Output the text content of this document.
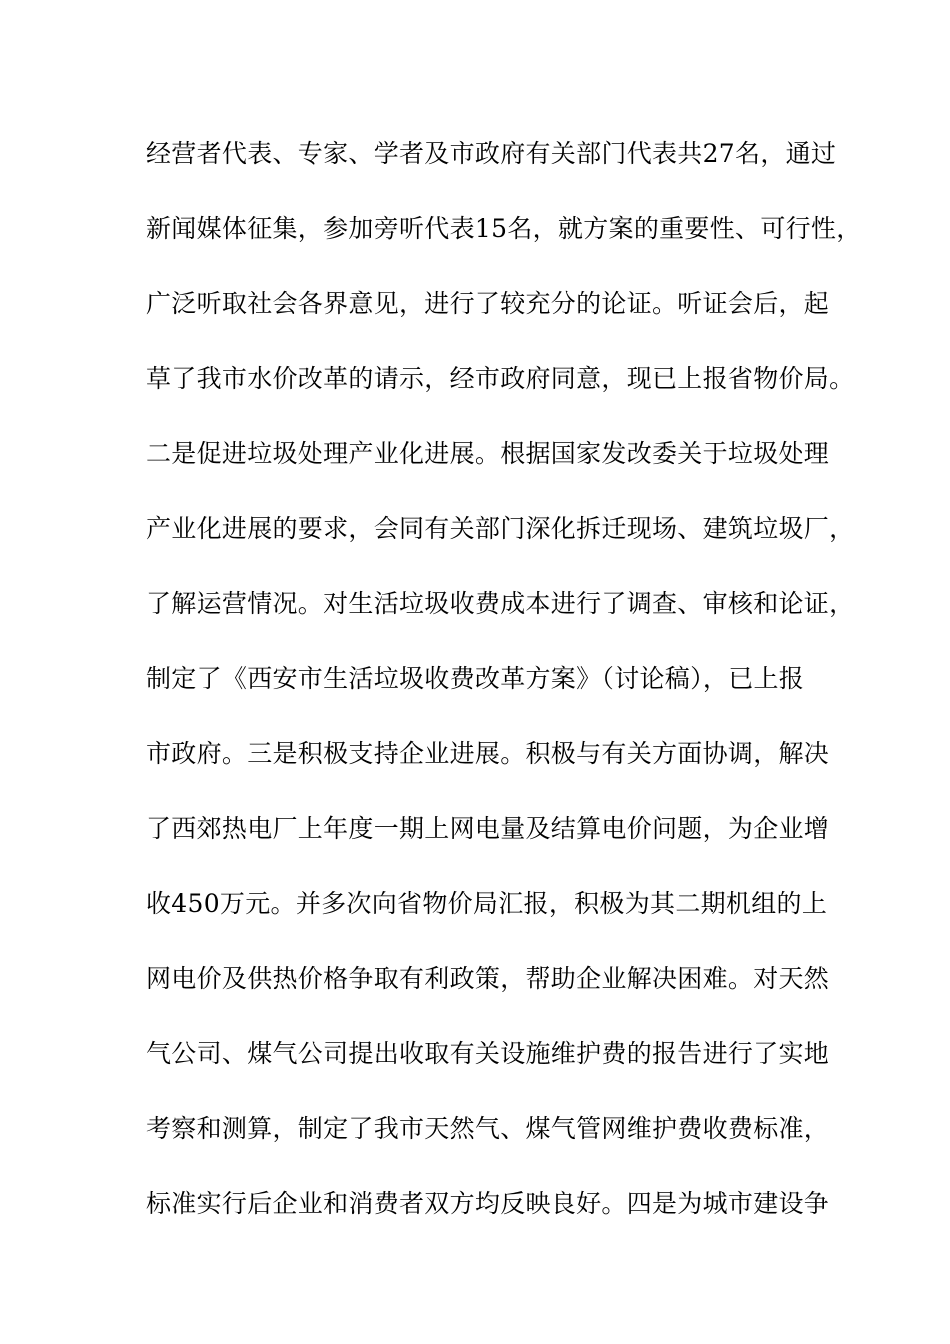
经营者代表、专家、学者及市政府有关部门代表共27名，通过
新闻媒体征集，参加旁听代表15名，就方案的重要性、可行性，
广泛听取社会各界意见，进行了较充分的论证。听证会后，起
草了我市水价改革的请示，经市政府同意，现已上报省物价局。
二是促进垃圾处理产业化进展。根据国家发改委关于垃圾处理
产业化进展的要求，会同有关部门深化拆迁现场、建筑垃圾厂，
了解运营情况。对生活垃圾收费成本进行了调查、审核和论证，
制定了《西安市生活垃圾收费改革方案》（讨论稿），已上报
市政府。三是积极支持企业进展。积极与有关方面协调，解决
了西郊热电厂上年度一期上网电量及结算电价问题，为企业增
收450万元。并多次向省物价局汇报，积极为其二期机组的上
网电价及供热价格争取有利政策，帮助企业解决困难。对天然
气公司、煤气公司提出收取有关设施维护费的报告进行了实地
考察和测算，制定了我市天然气、煤气管网维护费收费标准，
标准实行后企业和消费者双方均反映良好。四是为城市建设争
